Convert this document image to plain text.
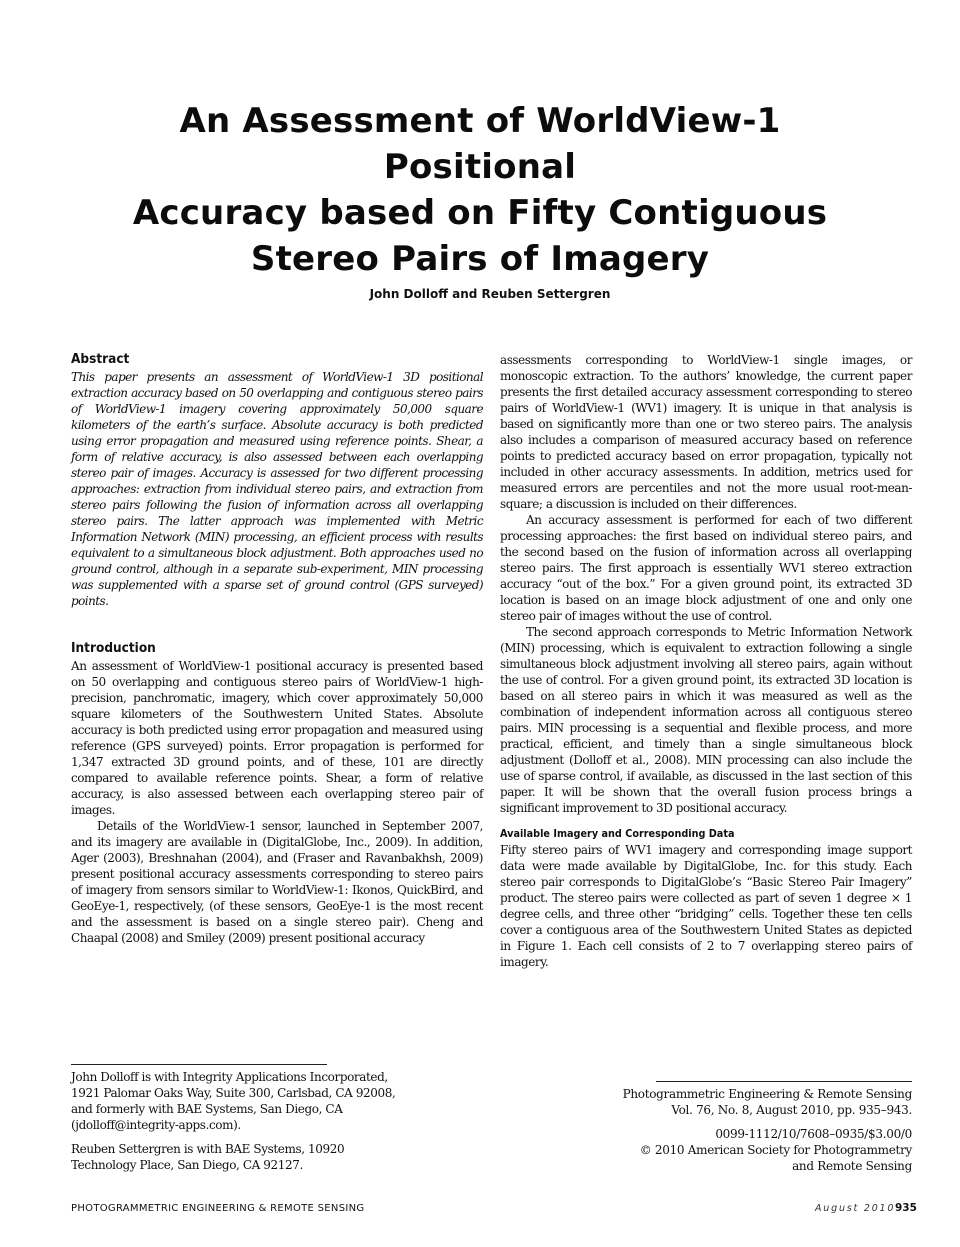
An Assessment of WorldView-1 Positional
Accuracy based on Fifty Contiguous
Stereo Pairs of Imagery
John Dolloff and Reuben Settergren
Abstract

This paper presents an assessment of WorldView-1 3D positional extraction accuracy based on 50 overlapping and contiguous stereo pairs of WorldView-1 imagery covering approximately 50,000 square kilometers of the earth’s surface. Absolute accuracy is both predicted using error propagation and measured using reference points. Shear, a form of relative accuracy, is also assessed between each overlapping stereo pair of images. Accuracy is assessed for two different processing approaches: extraction from individual stereo pairs, and extraction from stereo pairs following the fusion of information across all overlapping stereo pairs. The latter approach was implemented with Metric Information Network (MIN) processing, an efficient process with results equivalent to a simultaneous block adjustment. Both approaches used no ground control, although in a separate sub-experiment, MIN processing was supplemented with a sparse set of ground control (GPS surveyed) points.

Introduction

An assessment of WorldView-1 positional accuracy is presented based on 50 overlapping and contiguous stereo pairs of WorldView-1 high-precision, panchromatic, imagery, which cover approximately 50,000 square kilometers of the Southwestern United States. Absolute accuracy is both predicted using error propagation and measured using reference (GPS surveyed) points. Error propagation is performed for 1,347 extracted 3D ground points, and of these, 101 are directly compared to available reference points. Shear, a form of relative accuracy, is also assessed between each overlapping stereo pair of images.

Details of the WorldView-1 sensor, launched in September 2007, and its imagery are available in (DigitalGlobe, Inc., 2009). In addition, Ager (2003), Breshnahan (2004), and (Fraser and Ravanbakhsh, 2009) present positional accuracy assessments corresponding to stereo pairs of imagery from sensors similar to WorldView-1: Ikonos, QuickBird, and GeoEye-1, respectively, (of these sensors, GeoEye-1 is the most recent and the assessment is based on a single stereo pair). Cheng and Chaapal (2008) and Smiley (2009) present positional accuracy

assessments corresponding to WorldView-1 single images, or monoscopic extraction. To the authors’ knowledge, the current paper presents the first detailed accuracy assessment corresponding to stereo pairs of WorldView-1 (WV1) imagery. It is unique in that analysis is based on significantly more than one or two stereo pairs. The analysis also includes a comparison of measured accuracy based on reference points to predicted accuracy based on error propagation, typically not included in other accuracy assessments. In addition, metrics used for measured errors are percentiles and not the more usual root-mean-square; a discussion is included on their differences.

An accuracy assessment is performed for each of two different processing approaches: the first based on individual stereo pairs, and the second based on the fusion of information across all overlapping stereo pairs. The first approach is essentially WV1 stereo extraction accuracy “out of the box.” For a given ground point, its extracted 3D location is based on an image block adjustment of one and only one stereo pair of images without the use of control.

The second approach corresponds to Metric Information Network (MIN) processing, which is equivalent to extraction following a single simultaneous block adjustment involving all stereo pairs, again without the use of control. For a given ground point, its extracted 3D location is based on all stereo pairs in which it was measured as well as the combination of independent information across all contiguous stereo pairs. MIN processing is a sequential and flexible process, and more practical, efficient, and timely than a single simultaneous block adjustment (Dolloff et al., 2008). MIN processing can also include the use of sparse control, if available, as discussed in the last section of this paper. It will be shown that the overall fusion process brings a significant improvement to 3D positional accuracy.

Available Imagery and Corresponding Data

Fifty stereo pairs of WV1 imagery and corresponding image support data were made available by DigitalGlobe, Inc. for this study. Each stereo pair corresponds to DigitalGlobe’s “Basic Stereo Pair Imagery” product. The stereo pairs were collected as part of seven 1 degree × 1 degree cells, and three other “bridging” cells. Together these ten cells cover a contiguous area of the Southwestern United States as depicted in Figure 1. Each cell consists of 2 to 7 overlapping stereo pairs of imagery.

John Dolloff is with Integrity Applications Incorporated,
1921 Palomar Oaks Way, Suite 300, Carlsbad, CA 92008,
and formerly with BAE Systems, San Diego, CA
(jdolloff@integrity-apps.com).
Reuben Settergren is with BAE Systems, 10920
Technology Place, San Diego, CA 92127.
Photogrammetric Engineering & Remote Sensing
Vol. 76, No. 8, August 2010, pp. 935–943.
0099-1112/10/7608–0935/$3.00/0
© 2010 American Society for Photogrammetry
and Remote Sensing
PHOTOGRAMMETRIC ENGINEERING & REMOTE SENSING	August 2010 935
